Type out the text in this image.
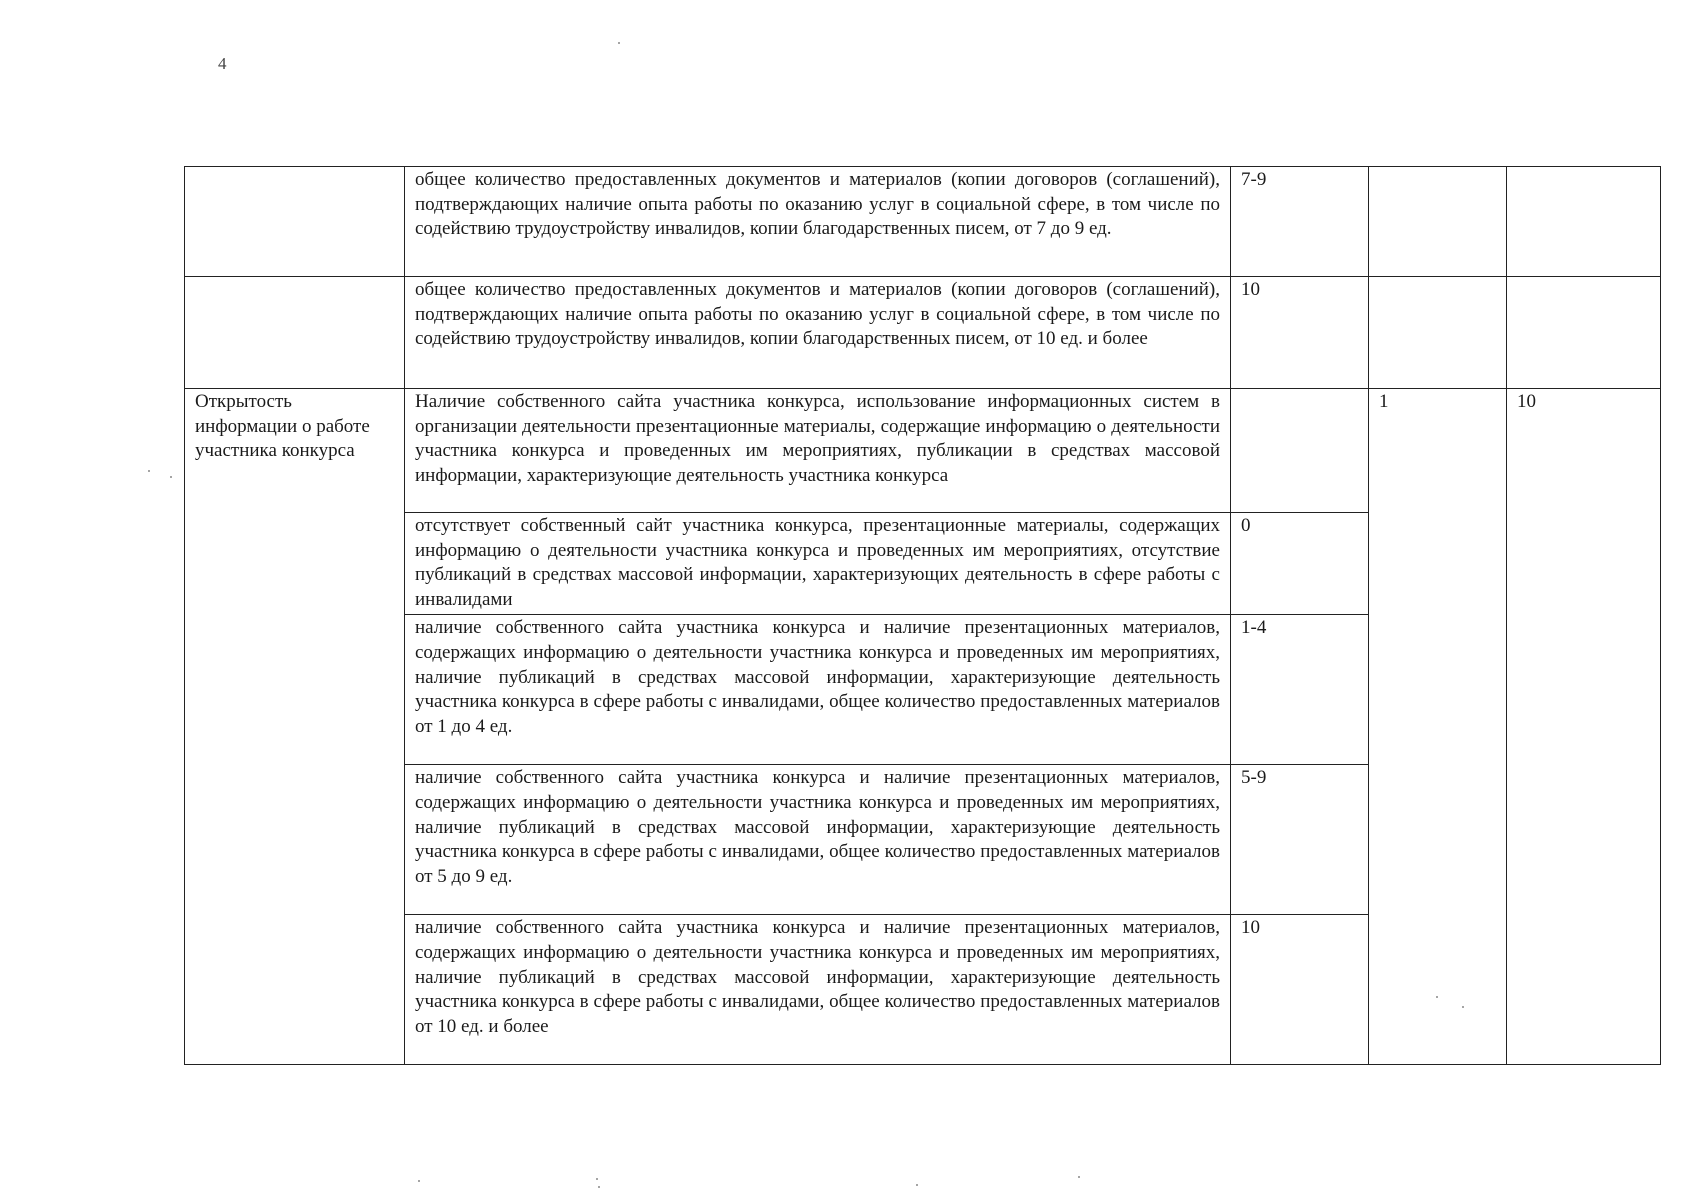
4
	общее количество предоставленных документов и материалов (копии договоров (соглашений), подтверждающих наличие опыта работы по оказанию услуг в социальной сфере, в том числе по содействию трудоустройству инвалидов, копии благодарственных писем, от 7 до 9 ед.	7-9		
	общее количество предоставленных документов и материалов (копии договоров (соглашений), подтверждающих наличие опыта работы по оказанию услуг в социальной сфере, в том числе по содействию трудоустройству инвалидов, копии благодарственных писем, от 10 ед. и более	10		
Открытость информации о работе участника конкурса	Наличие собственного сайта участника конкурса, использование информационных систем в организации деятельности презентационные материалы, содержащие информацию о деятельности участника конкурса и проведенных им мероприятиях, публикации в средствах массовой информации, характеризующие деятельность участника конкурса		1	10
	отсутствует собственный сайт участника конкурса, презентационные материалы, содержащих информацию о деятельности участника конкурса и проведенных им мероприятиях, отсутствие публикаций в средствах массовой информации, характеризующих деятельность в сфере работы с инвалидами	0		
	наличие собственного сайта участника конкурса и наличие презентационных материалов, содержащих информацию о деятельности участника конкурса и проведенных им мероприятиях, наличие публикаций в средствах массовой информации, характеризующие деятельность участника конкурса в сфере работы с инвалидами, общее количество предоставленных материалов от 1 до 4 ед.	1-4		
	наличие собственного сайта участника конкурса и наличие презентационных материалов, содержащих информацию о деятельности участника конкурса и проведенных им мероприятиях, наличие публикаций в средствах массовой информации, характеризующие деятельность участника конкурса в сфере работы с инвалидами, общее количество предоставленных материалов от 5 до 9 ед.	5-9		
	наличие собственного сайта участника конкурса и наличие презентационных материалов, содержащих информацию о деятельности участника конкурса и проведенных им мероприятиях, наличие публикаций в средствах массовой информации, характеризующие деятельность участника конкурса в сфере работы с инвалидами, общее количество предоставленных материалов от 10 ед. и более	10		
